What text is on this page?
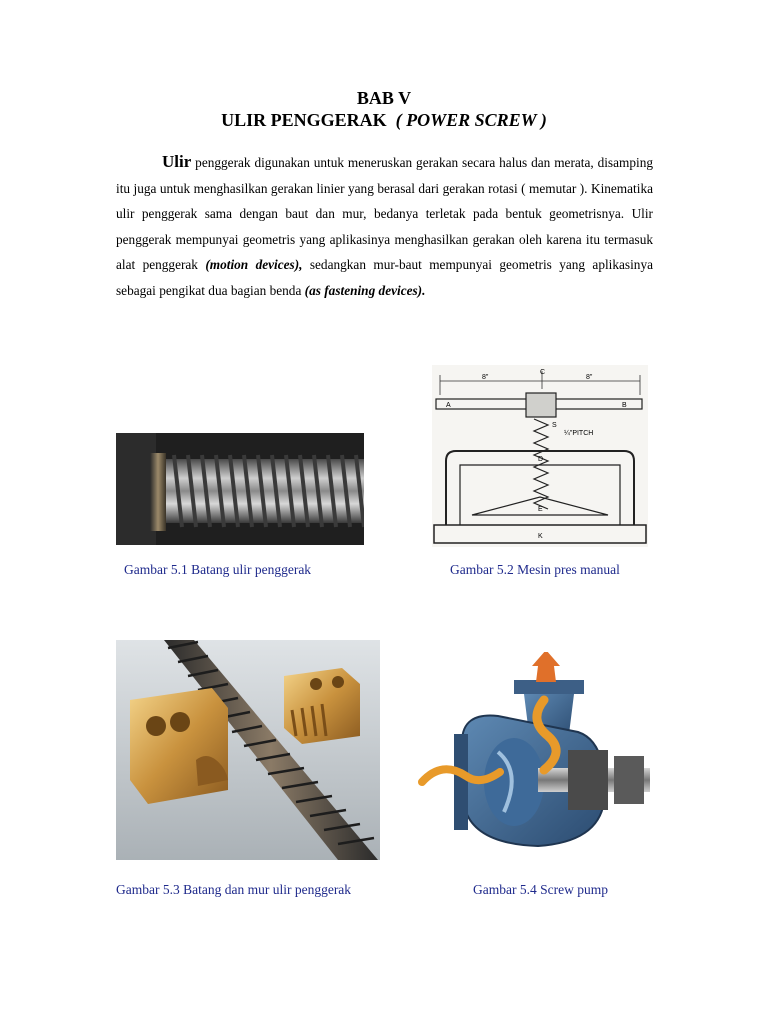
BAB V
ULIR PENGGERAK ( POWER SCREW )
Ulir penggerak digunakan untuk meneruskan gerakan secara halus dan merata, disamping itu juga untuk menghasilkan gerakan linier yang berasal dari gerakan rotasi ( memutar ). Kinematika ulir penggerak sama dengan baut dan mur, bedanya terletak pada bentuk geometrisnya. Ulir penggerak mempunyai geometris yang aplikasinya menghasilkan gerakan oleh karena itu termasuk alat penggerak (motion devices), sedangkan mur-baut mempunyai geometris yang aplikasinya sebagai pengikat dua bagian benda (as fastening devices).
Gambar 5.1 Batang ulir penggerak
8"	8"
C
A	B
S
¼"PITCH
D
E
K
Gambar 5.2 Mesin pres manual
Gambar 5.3 Batang dan mur ulir penggerak	Gambar 5.4 Screw pump
